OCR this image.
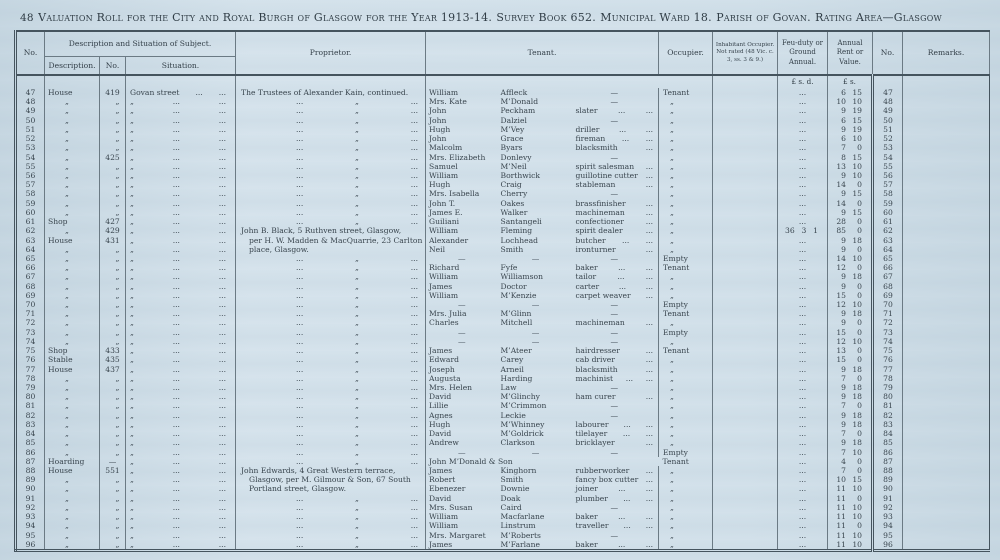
48 Valuation Roll for the City and Royal Burgh of Glasgow for the Year 1913-14. Survey Book 652. Municipal Ward 18. Parish of Govan. Rating Area—Glasgow
No.	Description and Situation of Subject.			Proprietor.	Tenant.			Occupier.	Inhabitant Occupier. Not rated (48 Vic. c. 3, ss. 3 & 9.)	Feu-duty or Ground Annual.	Annual Rent or Value.	No.	Remarks.
	Description.	No.	Situation.										
										£ s. d.	£ s.		
47	House	419	Govan street ... ...	The Trustees of Alexander Kain, continued.	William	Affleck	—	Tenant		...	6 15	47	
48	„	„	„ ... ...	... „ ...	Mrs. Kate	M’Donald	—	„		...	10 10	48	
49	„	„	„ ... ...	... „ ...	John	Peckham	slater ... ...	„		...	9 19	49	
50	„	„	„ ... ...	... „ ...	John	Dalziel	—	„		...	6 15	50	
51	„	„	„ ... ...	... „ ...	Hugh	M’Vey	driller ... ...	„		...	9 19	51	
52	„	„	„ ... ...	... „ ...	John	Grace	fireman ... ...	„		...	6 10	52	
53	„	„	„ ... ...	... „ ...	Malcolm	Byars	blacksmith ...	„		...	7 0	53	
54	„	425	„ ... ...	... „ ...	Mrs. Elizabeth	Donlevy	—	„		...	8 15	54	
55	„	„	„ ... ...	... „ ...	Samuel	M’Neil	spirit salesman ...	„		...	13 10	55	
56	„	„	„ ... ...	... „ ...	William	Borthwick	guillotine cutter ...	„		...	9 10	56	
57	„	„	„ ... ...	... „ ...	Hugh	Craig	stableman ...	„		...	14 0	57	
58	„	„	„ ... ...	... „ ...	Mrs. Isabella	Cherry	—	„		...	9 15	58	
59	„	„	„ ... ...	... „ ...	John T.	Oakes	brassfinisher ...	„		...	14 0	59	
60	„	„	„ ... ...	... „ ...	James E.	Walker	machineman ...	„		...	9 15	60	
61	Shop	427	„ ... ...	... „ ...	Guiliani	Santangeli	confectioner ...	„		...	28 0	61	
62	„	429	„ ... ...	John B. Black, 5 Ruthven street, Glasgow,	William	Fleming	spirit dealer ...	„		36 3 1	85 0	62	
63	House	431	„ ... ...	per H. W. Madden & MacQuarrie, 23 Carlton	Alexander	Lochhead	butcher ... ...	„		...	9 18	63	
64	„	„	„ ... ...	place, Glasgow.	Neil	Smith	ironturner ...	„		...	9 0	64	
65	„	„	„ ... ...	... „ ...	—	—	—	Empty		...	14 10	65	
66	„	„	„ ... ...	... „ ...	Richard	Fyfe	baker ... ...	Tenant		...	12 0	66	
67	„	„	„ ... ...	... „ ...	William	Williamson	tailor ... ...	„		...	9 18	67	
68	„	„	„ ... ...	... „ ...	James	Doctor	carter ... ...	„		...	9 0	68	
69	„	„	„ ... ...	... „ ...	William	M’Kenzie	carpet weaver ...	„		...	15 0	69	
70	„	„	„ ... ...	... „ ...	—	—	—	Empty		...	12 10	70	
71	„	„	„ ... ...	... „ ...	Mrs. Julia	M’Glinn	—	Tenant		...	9 18	71	
72	„	„	„ ... ...	... „ ...	Charles	Mitchell	machineman ...	„		...	9 0	72	
73	„	„	„ ... ...	... „ ...	—	—	—	Empty		...	15 0	73	
74	„	„	„ ... ...	... „ ...	—	—	—	„		...	12 10	74	
75	Shop	433	„ ... ...	... „ ...	James	M’Ateer	hairdresser ...	Tenant		...	13 0	75	
76	Stable	435	„ ... ...	... „ ...	Edward	Carey	cab driver ...	„		...	15 0	76	
77	House	437	„ ... ...	... „ ...	Joseph	Arneil	blacksmith ...	„		...	9 18	77	
78	„	„	„ ... ...	... „ ...	Augusta	Harding	machinist ... ...	„		...	7 0	78	
79	„	„	„ ... ...	... „ ...	Mrs. Helen	Law	—	„		...	9 18	79	
80	„	„	„ ... ...	... „ ...	David	M’Glinchy	ham curer ...	„		...	9 18	80	
81	„	„	„ ... ...	... „ ...	Lillie	M’Crimmon	—	„		...	7 0	81	
82	„	„	„ ... ...	... „ ...	Agnes	Leckie	—	„		...	9 18	82	
83	„	„	„ ... ...	... „ ...	Hugh	M’Whinney	labourer ... ...	„		...	9 18	83	
84	„	„	„ ... ...	... „ ...	David	M’Goldrick	tilelayer ... ...	„		...	7 0	84	
85	„	„	„ ... ...	... „ ...	Andrew	Clarkson	bricklayer ...	„		...	9 18	85	
86	„	„	„ ... ...	... „ ...	—	—	—	Empty		...	7 10	86	
87	Hoarding	—	„ ... ...	... „ ...	John M’Donald & Son			Tenant		...	4 0	87	
88	House	551	„ ... ...	John Edwards, 4 Great Western terrace,	James	Kinghorn	rubberworker ...	„		...	7 0	88	
89	„	„	„ ... ...	Glasgow, per M. Gilmour & Son, 67 South	Robert	Smith	fancy box cutter ...	„		...	10 15	89	
90	„	„	„ ... ...	Portland street, Glasgow.	Ebenezer	Downie	joiner ... ...	„		...	11 10	90	
91	„	„	„ ... ...	... „ ...	David	Doak	plumber ... ...	„		...	11 0	91	
92	„	„	„ ... ...	... „ ...	Mrs. Susan	Caird	—	„		...	11 10	92	
93	„	„	„ ... ...	... „ ...	William	Macfarlane	baker ... ...	„		...	11 10	93	
94	„	„	„ ... ...	... „ ...	William	Linstrum	traveller ... ...	„		...	11 0	94	
95	„	„	„ ... ...	... „ ...	Mrs. Margaret	M’Roberts	—	„		...	11 10	95	
96	„	„	„ ... ...	... „ ...	James	M’Farlane	baker ... ...	„		...	11 10	96	
